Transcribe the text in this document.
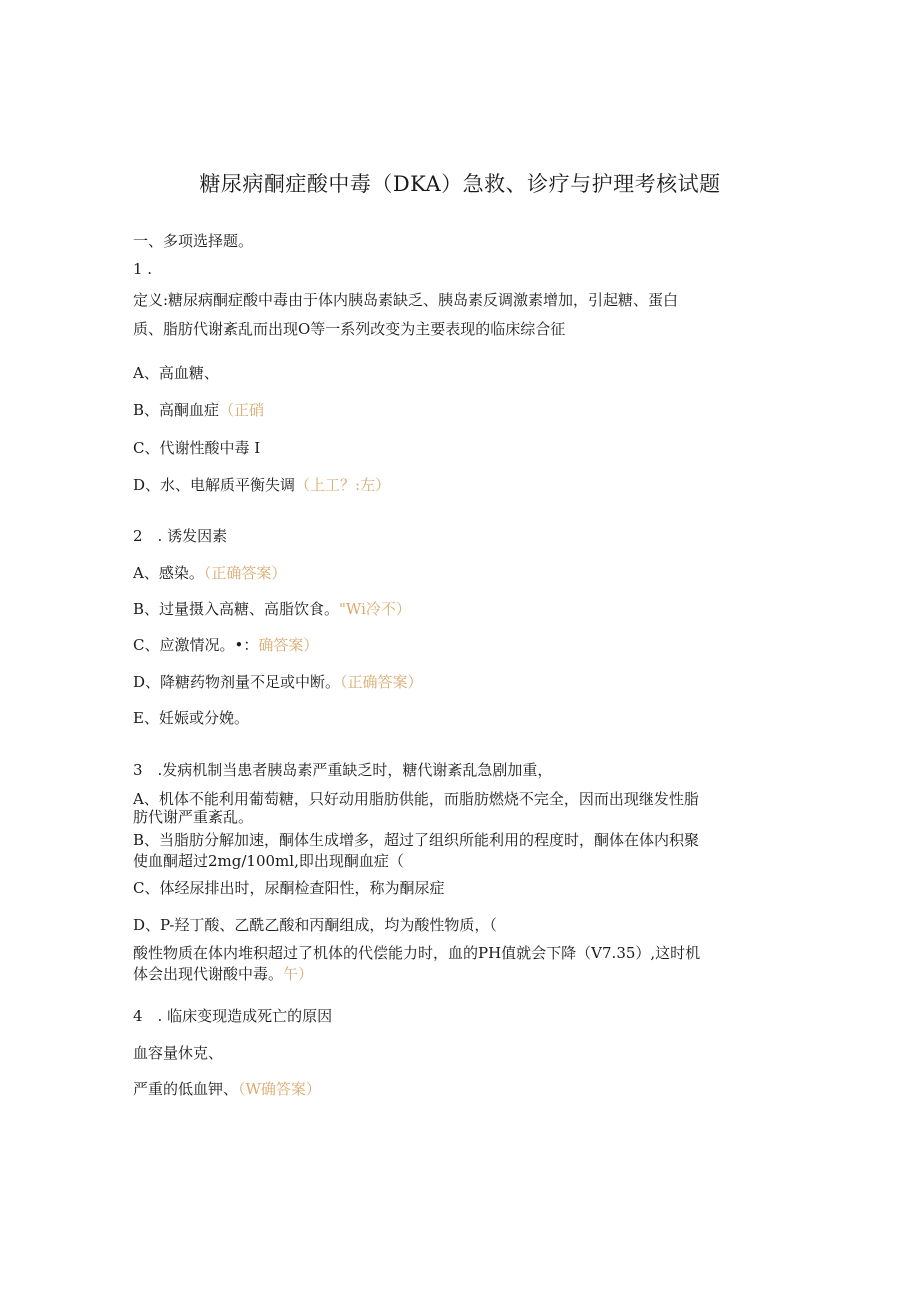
糖尿病酮症酸中毒（DKA）急救、诊疗与护理考核试题
一、多项选择题。
1 .
定义:糖尿病酮症酸中毒由于体内胰岛素缺乏、胰岛素反调激素增加，引起糖、蛋白
质、脂肪代谢紊乱而出现O等一系列改变为主要表现的临床综合征
A、高血糖、
B、高酮血症（正硝
C、代谢性酸中毒 I
D、水、电解质平衡失调（上工？:左）
2　. 诱发因素
A、感染。（正确答案）
B、过量摄入高糖、高脂饮食。"Wi冷不）
C、应激情况。•：确答案）
D、降糖药物剂量不足或中断。（正确答案）
E、妊娠或分娩。
3　.发病机制当患者胰岛素严重缺乏时，糖代谢紊乱急剧加重，
A、机体不能利用葡萄糖，只好动用脂肪供能，而脂肪燃烧不完全，因而出现继发性脂
肪代谢严重紊乱。
B、当脂肪分解加速，酮体生成增多，超过了组织所能利用的程度时，酮体在体内积聚
使血酮超过2mg/100ml,即出现酮血症（
C、体经尿排出时，尿酮检查阳性，称为酮尿症
D、P-羟丁酸、乙酰乙酸和丙酮组成，均为酸性物质，（
酸性物质在体内堆积超过了机体的代偿能力时，血的PH值就会下降（V7.35）,这时机
体会出现代谢酸中毒。午）
4　. 临床变现造成死亡的原因
血容量休克、
严重的低血钾、（W确答案）
